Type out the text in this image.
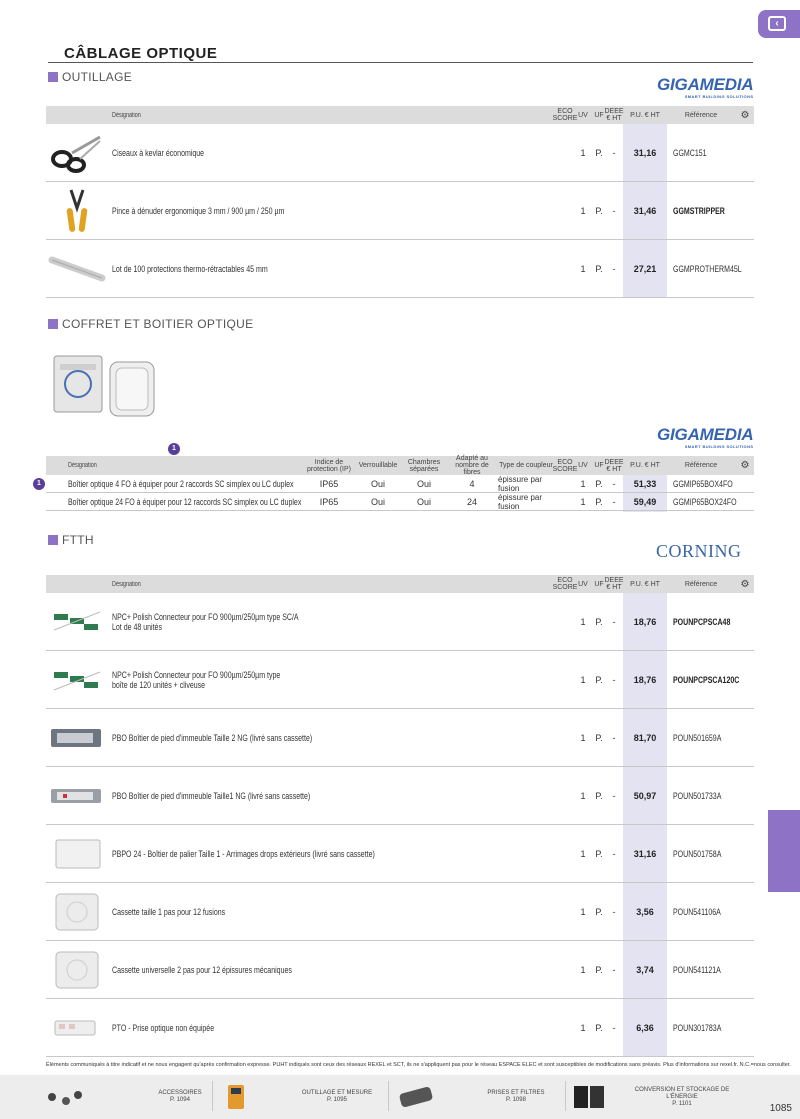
‹
CÂBLAGE OPTIQUE
OUTILLAGE	GIGAMEDIA
SMART BUILDING SOLUTIONS
Désignation	ECO SCORE UV UF DEEE € HT	P.U. € HT	Référence	⚙
Ciseaux à kevlar économique	1	P.	-	31,16	GGMC151
Pince à dénuder ergonomique 3 mm / 900 µm / 250 µm	1	P.	-	31,46	GGMSTRIPPER
Lot de 100 protections thermo-rétractables 45 mm	1	P.	-	27,21	GGMPROTHERM45L
COFFRET ET BOITIER OPTIQUE
1
GIGAMEDIA
SMART BUILDING SOLUTIONS
Désignation	Indice de protection (IP)	Verrouillable	Chambres séparées
Adapté au nombre de fibres
Type de coupleur ECO SCORE UV UF DEEE € HT	P.U. € HT	Référence	⚙
1	Boîtier optique 4 FO à équiper pour 2 raccords SC simplex ou LC duplex	IP65	Oui	Oui	4	épissure par fusion	1	P.	-	51,33	GGMIP65BOX4FO
Boîtier optique 24 FO à équiper pour 12 raccords SC simplex ou LC duplex	IP65	Oui	Oui	24	épissure par fusion	1	P.	-	59,49	GGMIP65BOX24FO
FTTH
CORNING
Désignation	ECO SCORE UV UF DEEE € HT	P.U. € HT	Référence	⚙
NPC+ Polish Connecteur pour FO 900µm/250µm type SC/A
Lot de 48 unités	1	P.	-	18,76	POUNPCPSCA48
NPC+ Polish Connecteur pour FO 900µm/250µm type
boîte de 120 unités + cliveuse	1	P.	-	18,76	POUNPCPSCA120C
PBO Boîtier de pied d'immeuble Taille 2 NG (livré sans cassette)	1	P.	-	81,70	POUN501659A
PBO Boîtier de pied d'immeuble Taille1 NG (livré sans cassette)	1	P.	-	50,97	POUN501733A
PBPO 24 - Boîtier de palier Taille 1 - Arrimages drops extérieurs (livré sans cassette)	1	P.	-	31,16	POUN501758A
Cassette taille 1 pas pour 12 fusions	1	P.	-	3,56	POUN541106A
Cassette universelle 2 pas pour 12 épissures mécaniques	1	P.	-	3,74	POUN541121A
PTO - Prise optique non équipée	1	P.	-	6,36	POUN301783A
Éléments communiqués à titre indicatif et ne nous engagent qu'après confirmation expresse. PUHT indiqués sont ceux des réseaux REXEL et SCT, ils ne s'appliquent pas pour le réseau ESPACE ELEC et sont susceptibles de modifications sans préavis. Plus d'informations sur rexel.fr. N.C.=nous consulter.
ACCESSOIRES
P. 1094
OUTILLAGE ET MESURE
P. 1095
PRISES ET FILTRES
P. 1098
CONVERSION ET STOCKAGE DE L'ÉNERGIE
P. 1101	1085
